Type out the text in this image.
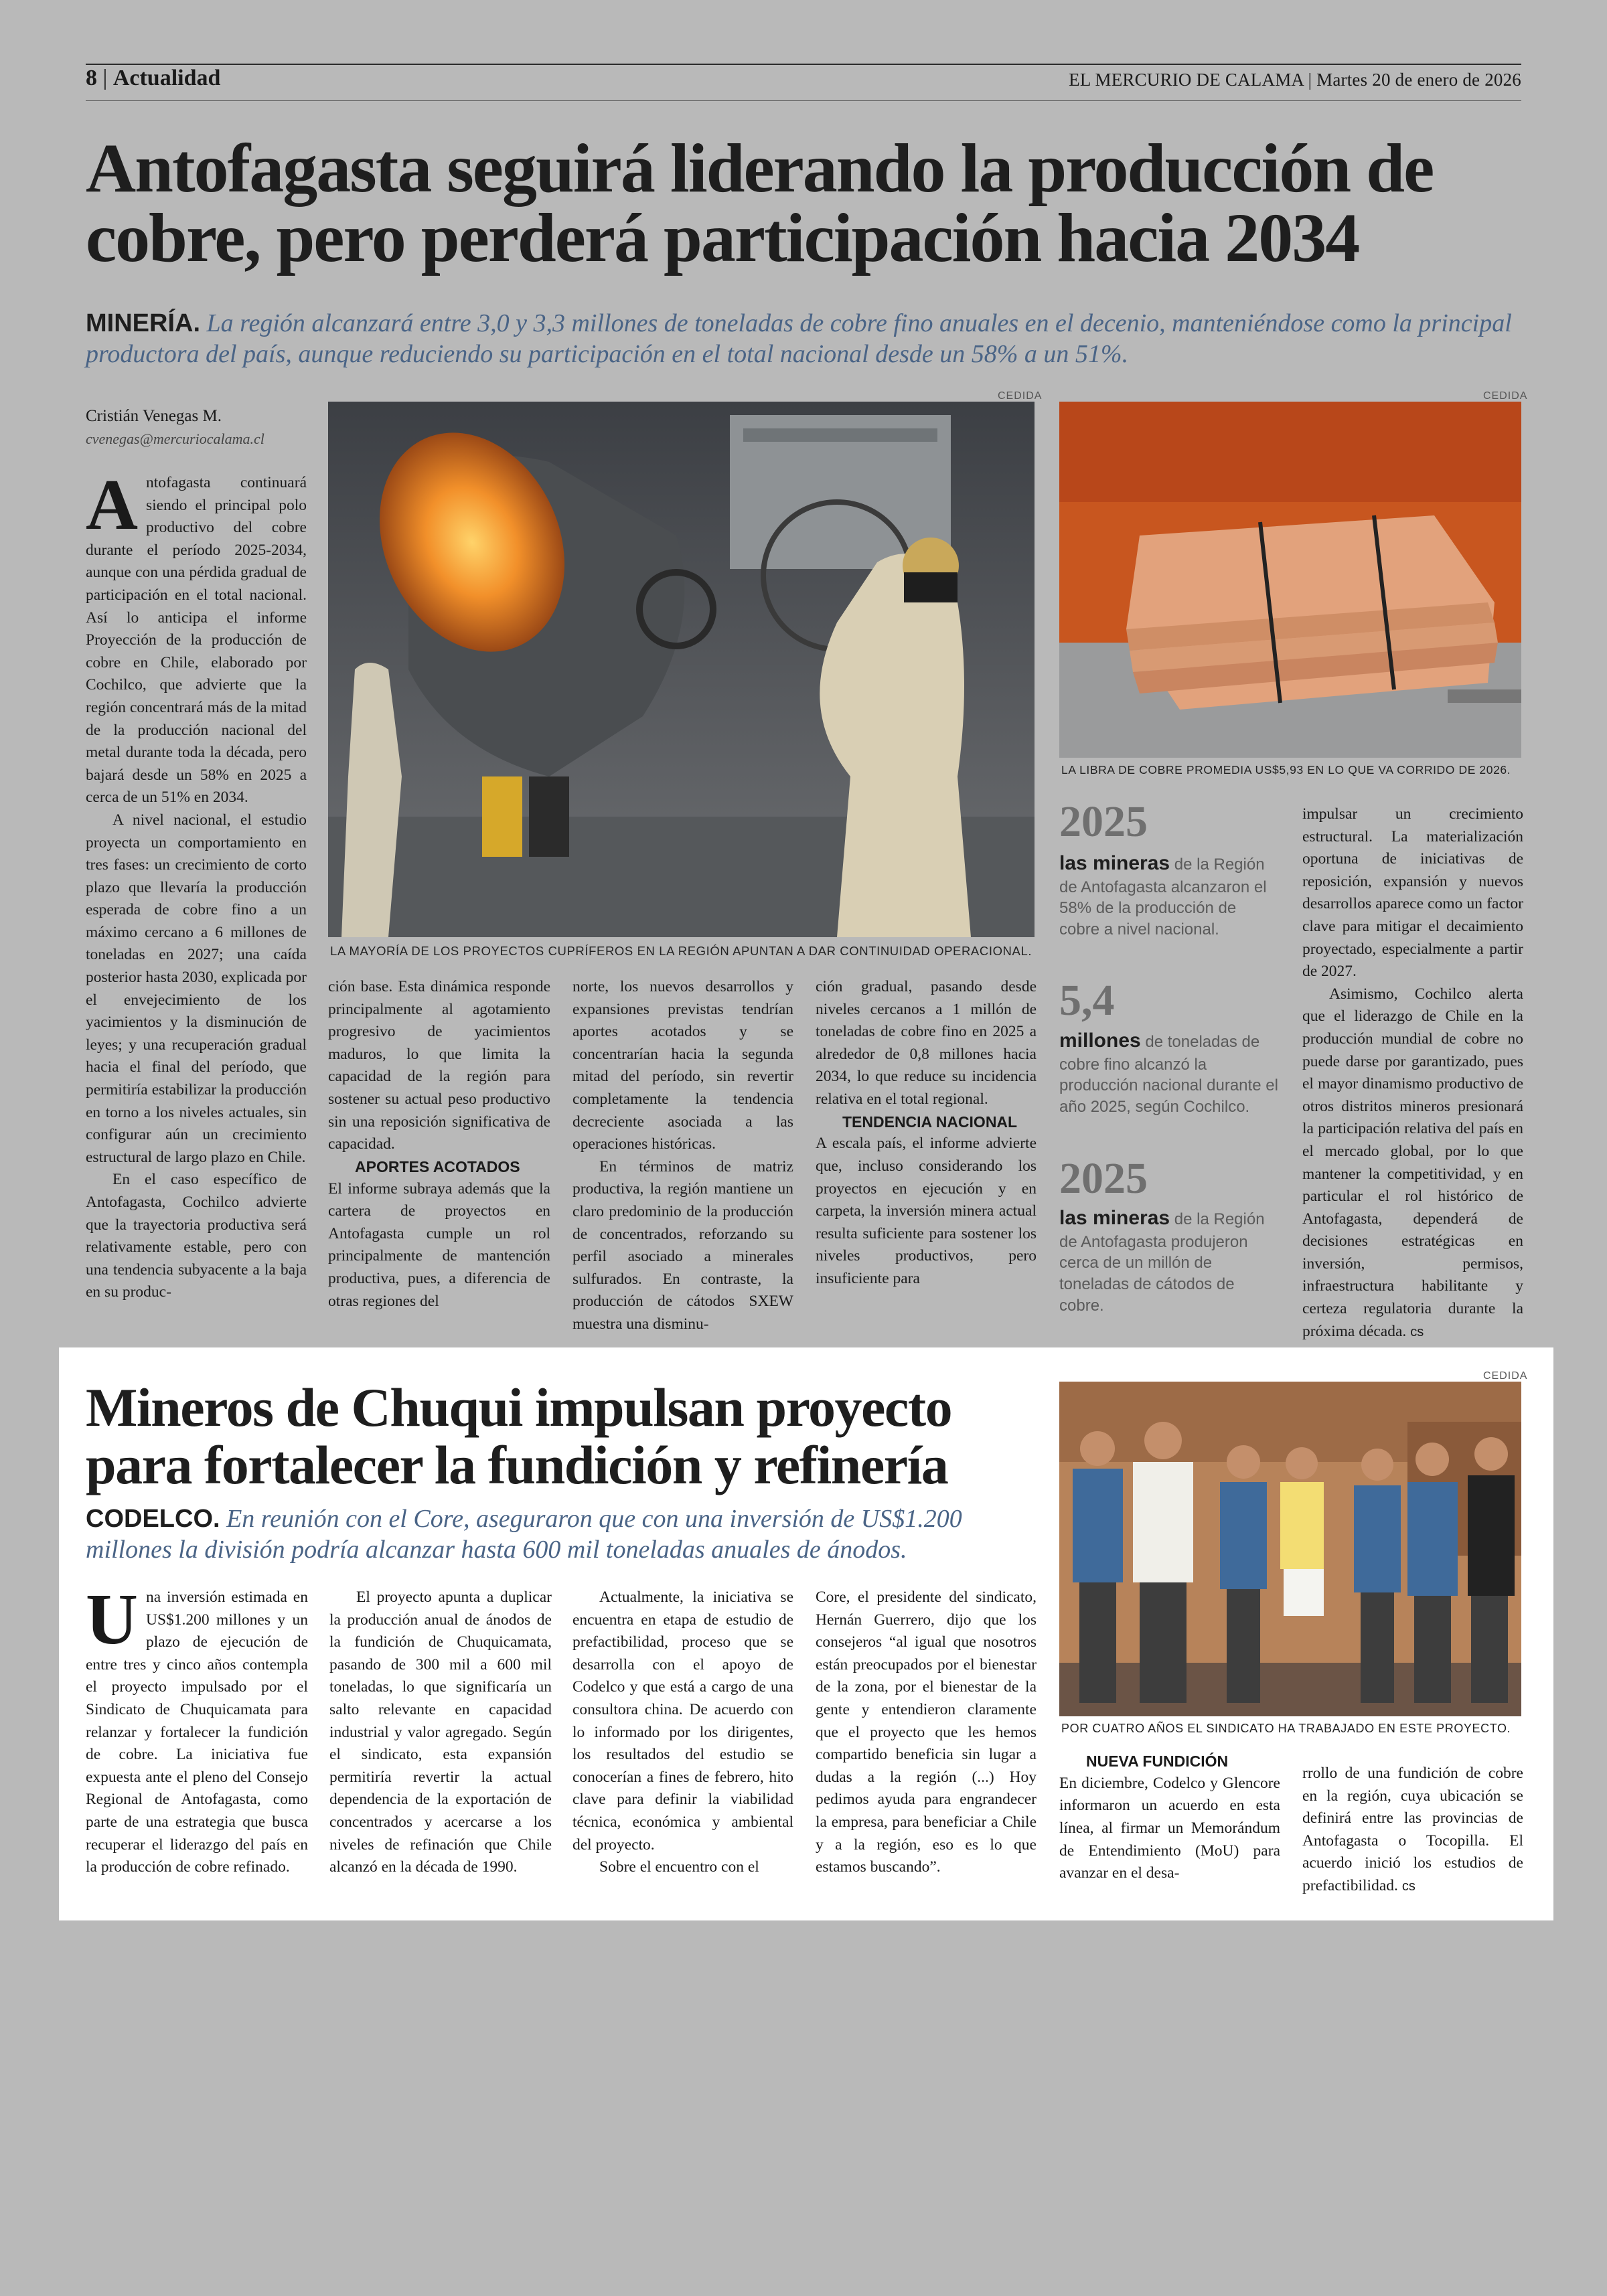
8 | Actualidad	EL MERCURIO DE CALAMA | Martes 20 de enero de 2026
Antofagasta seguirá liderando la producción de cobre, pero perderá participación hacia 2034
MINERÍA. La región alcanzará entre 3,0 y 3,3 millones de toneladas de cobre fino anuales en el decenio, manteniéndose como la principal productora del país, aunque reduciendo su participación en el total nacional desde un 58% a un 51%.
Cristián Venegas M.
cvenegas@mercuriocalama.cl

Antofagasta continuará siendo el principal polo productivo del cobre durante el período 2025-2034, aunque con una pérdida gradual de participación en el total nacional. Así lo anticipa el informe Proyección de la producción de cobre en Chile, elaborado por Cochilco, que advierte que la región concentrará más de la mitad de la producción nacional del metal durante toda la década, pero bajará desde un 58% en 2025 a cerca de un 51% en 2034.

A nivel nacional, el estudio proyecta un comportamiento en tres fases: un crecimiento de corto plazo que llevaría la producción esperada de cobre fino a un máximo cercano a 6 millones de toneladas en 2027; una caída posterior hasta 2030, explicada por el envejecimiento de los yacimientos y la disminución de leyes; y una recuperación gradual hacia el final del período, que permitiría estabilizar la producción en torno a los niveles actuales, sin configurar aún un crecimiento estructural de largo plazo en Chile.

En el caso específico de Antofagasta, Cochilco advierte que la trayectoria productiva será relativamente estable, pero con una tendencia subyacente a la baja en su produc-

CEDIDA
LA MAYORÍA DE LOS PROYECTOS CUPRÍFEROS EN LA REGIÓN APUNTAN A DAR CONTINUIDAD OPERACIONAL.
CEDIDA
LA LIBRA DE COBRE PROMEDIA US$5,93 EN LO QUE VA CORRIDO DE 2026.

ción base. Esta dinámica responde principalmente al agotamiento progresivo de yacimientos maduros, lo que limita la capacidad de la región para sostener su actual peso productivo sin una reposición significativa de capacidad.

APORTES ACOTADOS

El informe subraya además que la cartera de proyectos en Antofagasta cumple un rol principalmente de mantención productiva, pues, a diferencia de otras regiones del

norte, los nuevos desarrollos y expansiones previstas tendrían aportes acotados y se concentrarían hacia la segunda mitad del período, sin revertir completamente la tendencia decreciente asociada a las operaciones históricas.

En términos de matriz productiva, la región mantiene un claro predominio de la producción de concentrados, reforzando su perfil asociado a minerales sulfurados. En contraste, la producción de cátodos SXEW muestra una disminu-

ción gradual, pasando desde niveles cercanos a 1 millón de toneladas de cobre fino en 2025 a alrededor de 0,8 millones hacia 2034, lo que reduce su incidencia relativa en el total regional.

TENDENCIA NACIONAL

A escala país, el informe advierte que, incluso considerando los proyectos en ejecución y en carpeta, la inversión minera actual resulta suficiente para sostener los niveles productivos, pero insuficiente para

2025
las mineras de la Región de Antofagasta alcanzaron el 58% de la producción de cobre a nivel nacional.
5,4
millones de toneladas de cobre fino alcanzó la producción nacional durante el año 2025, según Cochilco.
2025
las mineras de la Región de Antofagasta produjeron cerca de un millón de toneladas de cátodos de cobre.

impulsar un crecimiento estructural. La materialización oportuna de iniciativas de reposición, expansión y nuevos desarrollos aparece como un factor clave para mitigar el decaimiento proyectado, especialmente a partir de 2027.

Asimismo, Cochilco alerta que el liderazgo de Chile en la producción mundial de cobre no puede darse por garantizado, pues el mayor dinamismo productivo de otros distritos mineros presionará la participación relativa del país en el mercado global, por lo que mantener la competitividad, y en particular el rol histórico de Antofagasta, dependerá de decisiones estratégicas en inversión, permisos, infraestructura habilitante y certeza regulatoria durante la próxima década. cs

Mineros de Chuqui impulsan proyecto para fortalecer la fundición y refinería
CODELCO. En reunión con el Core, aseguraron que con una inversión de US$1.200 millones la división podría alcanzar hasta 600 mil toneladas anuales de ánodos.
CEDIDA
POR CUATRO AÑOS EL SINDICATO HA TRABAJADO EN ESTE PROYECTO.

Una inversión estimada en US$1.200 millones y un plazo de ejecución de entre tres y cinco años contempla el proyecto impulsado por el Sindicato de Chuquicamata para relanzar y fortalecer la fundición de cobre. La iniciativa fue expuesta ante el pleno del Consejo Regional de Antofagasta, como parte de una estrategia que busca recuperar el liderazgo del país en la producción de cobre refinado.

El proyecto apunta a duplicar la producción anual de ánodos de la fundición de Chuquicamata, pasando de 300 mil a 600 mil toneladas, lo que significaría un salto relevante en capacidad industrial y valor agregado. Según el sindicato, esta expansión permitiría revertir la actual dependencia de la exportación de concentrados y acercarse a los niveles de refinación que Chile alcanzó en la década de 1990.

Actualmente, la iniciativa se encuentra en etapa de estudio de prefactibilidad, proceso que se desarrolla con el apoyo de Codelco y que está a cargo de una consultora china. De acuerdo con lo informado por los dirigentes, los resultados del estudio se conocerían a fines de febrero, hito clave para definir la viabilidad técnica, económica y ambiental del proyecto.

Sobre el encuentro con el

Core, el presidente del sindicato, Hernán Guerrero, dijo que los consejeros “al igual que nosotros están preocupados por el bienestar de la zona, por el bienestar de la gente y entendieron claramente que el proyecto que les hemos compartido beneficia sin lugar a dudas a la región (...) Hoy pedimos ayuda para engrandecer la empresa, para beneficiar a Chile y a la región, eso es lo que estamos buscando”.

NUEVA FUNDICIÓN

En diciembre, Codelco y Glencore informaron un acuerdo en esta línea, al firmar un Memorándum de Entendimiento (MoU) para avanzar en el desa-

rrollo de una fundición de cobre en la región, cuya ubicación se definirá entre las provincias de Antofagasta o Tocopilla. El acuerdo inició los estudios de prefactibilidad. cs
